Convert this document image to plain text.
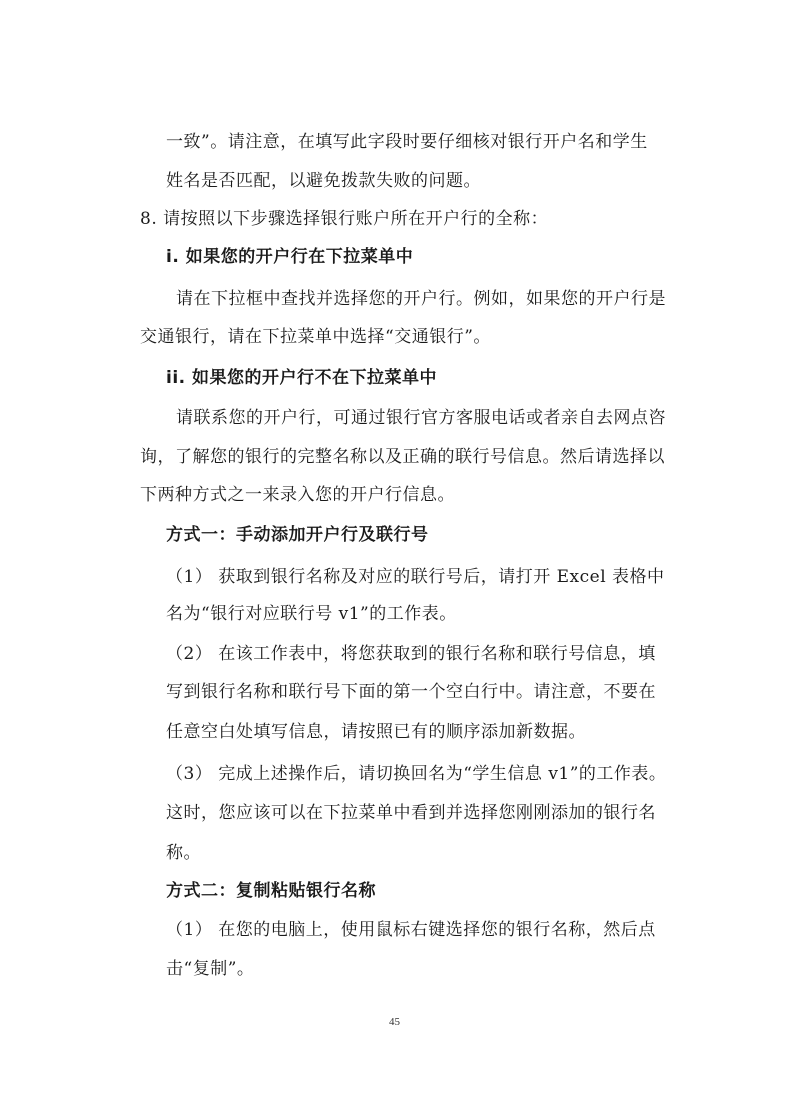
一致”。请注意，在填写此字段时要仔细核对银行开户名和学生
姓名是否匹配，以避免拨款失败的问题。
8. 请按照以下步骤选择银行账户所在开户行的全称：
i. 如果您的开户行在下拉菜单中
请在下拉框中查找并选择您的开户行。例如，如果您的开户行是
交通银行，请在下拉菜单中选择“交通银行”。
ii. 如果您的开户行不在下拉菜单中
请联系您的开户行，可通过银行官方客服电话或者亲自去网点咨
询，了解您的银行的完整名称以及正确的联行号信息。然后请选择以
下两种方式之一来录入您的开户行信息。
方式一：手动添加开户行及联行号
（1） 获取到银行名称及对应的联行号后，请打开 Excel 表格中
名为“银行对应联行号 v1”的工作表。
（2） 在该工作表中，将您获取到的银行名称和联行号信息，填
写到银行名称和联行号下面的第一个空白行中。请注意，不要在
任意空白处填写信息，请按照已有的顺序添加新数据。
（3） 完成上述操作后，请切换回名为“学生信息 v1”的工作表。
这时，您应该可以在下拉菜单中看到并选择您刚刚添加的银行名
称。
方式二：复制粘贴银行名称
（1） 在您的电脑上，使用鼠标右键选择您的银行名称，然后点
击“复制”。
45
